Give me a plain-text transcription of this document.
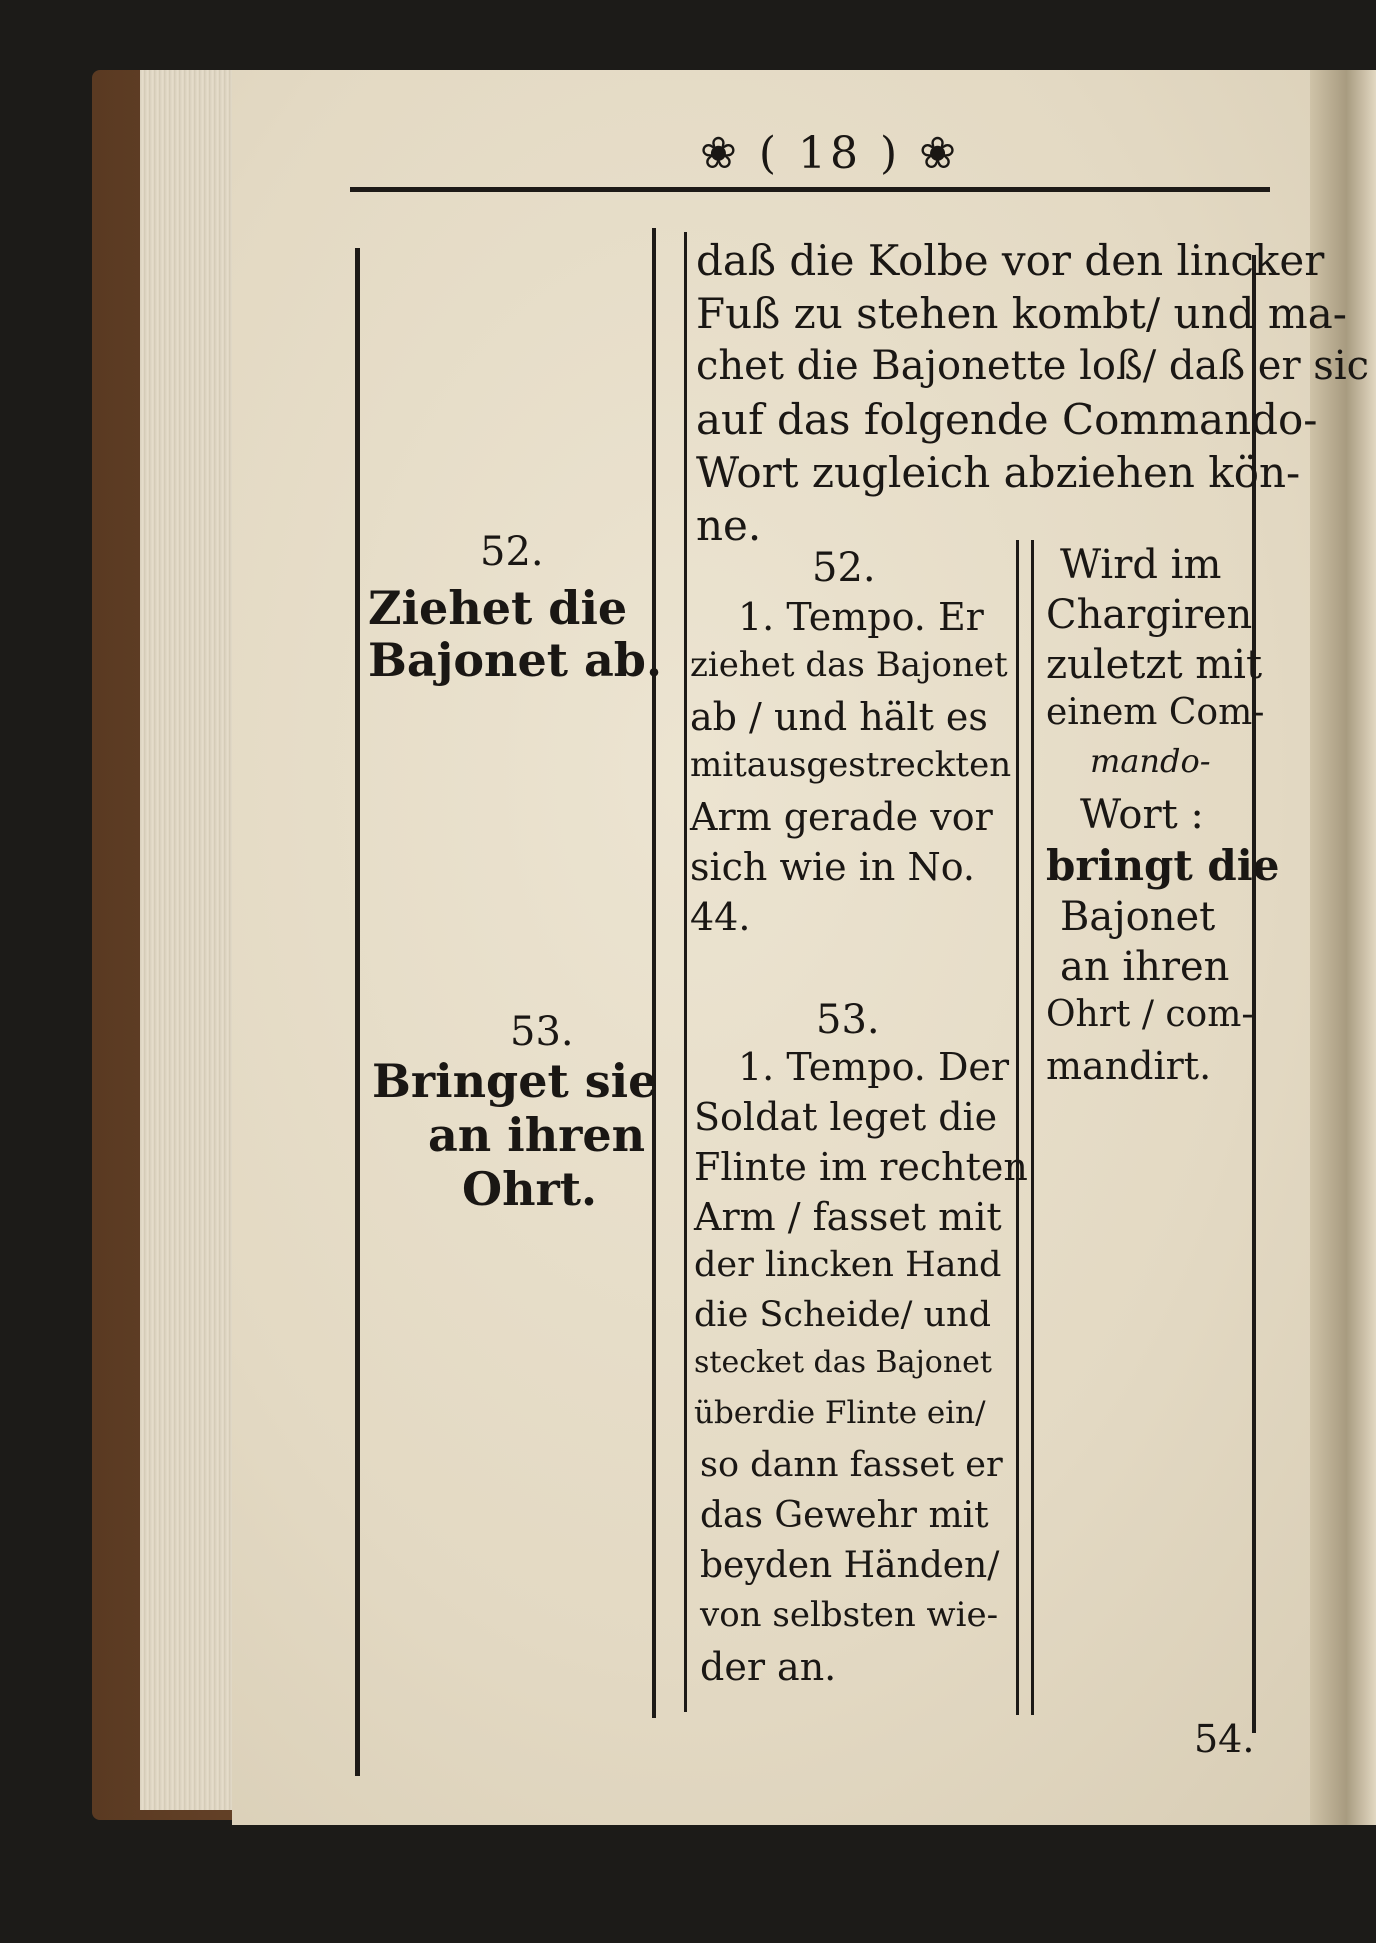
❀ ( 18 ) ❀
daß die Kolbe vor den lincker
Fuß zu stehen kombt/ und ma-
chet die Bajonette loß/ daß er sic
auf das folgende Commando-
Wort zugleich abziehen kön-
ne.
52.
Ziehet die
Bajonet ab.
52.
1. Tempo. Er
ziehet das Bajonet
ab / und hält es
mitausgestreckten
Arm gerade vor
sich wie in No.
44.
Wird im
Chargiren
zuletzt mit
einem Com-
mando-
Wort :
bringt die
Bajonet
an ihren
Ohrt / com-
mandirt.
53.
Bringet sie
an ihren
Ohrt.
53.
1. Tempo. Der
Soldat leget die
Flinte im rechten
Arm / fasset mit
der lincken Hand
die Scheide/ und
stecket das Bajonet
überdie Flinte ein/
so dann fasset er
das Gewehr mit
beyden Händen/
von selbsten wie-
der an.
54.
